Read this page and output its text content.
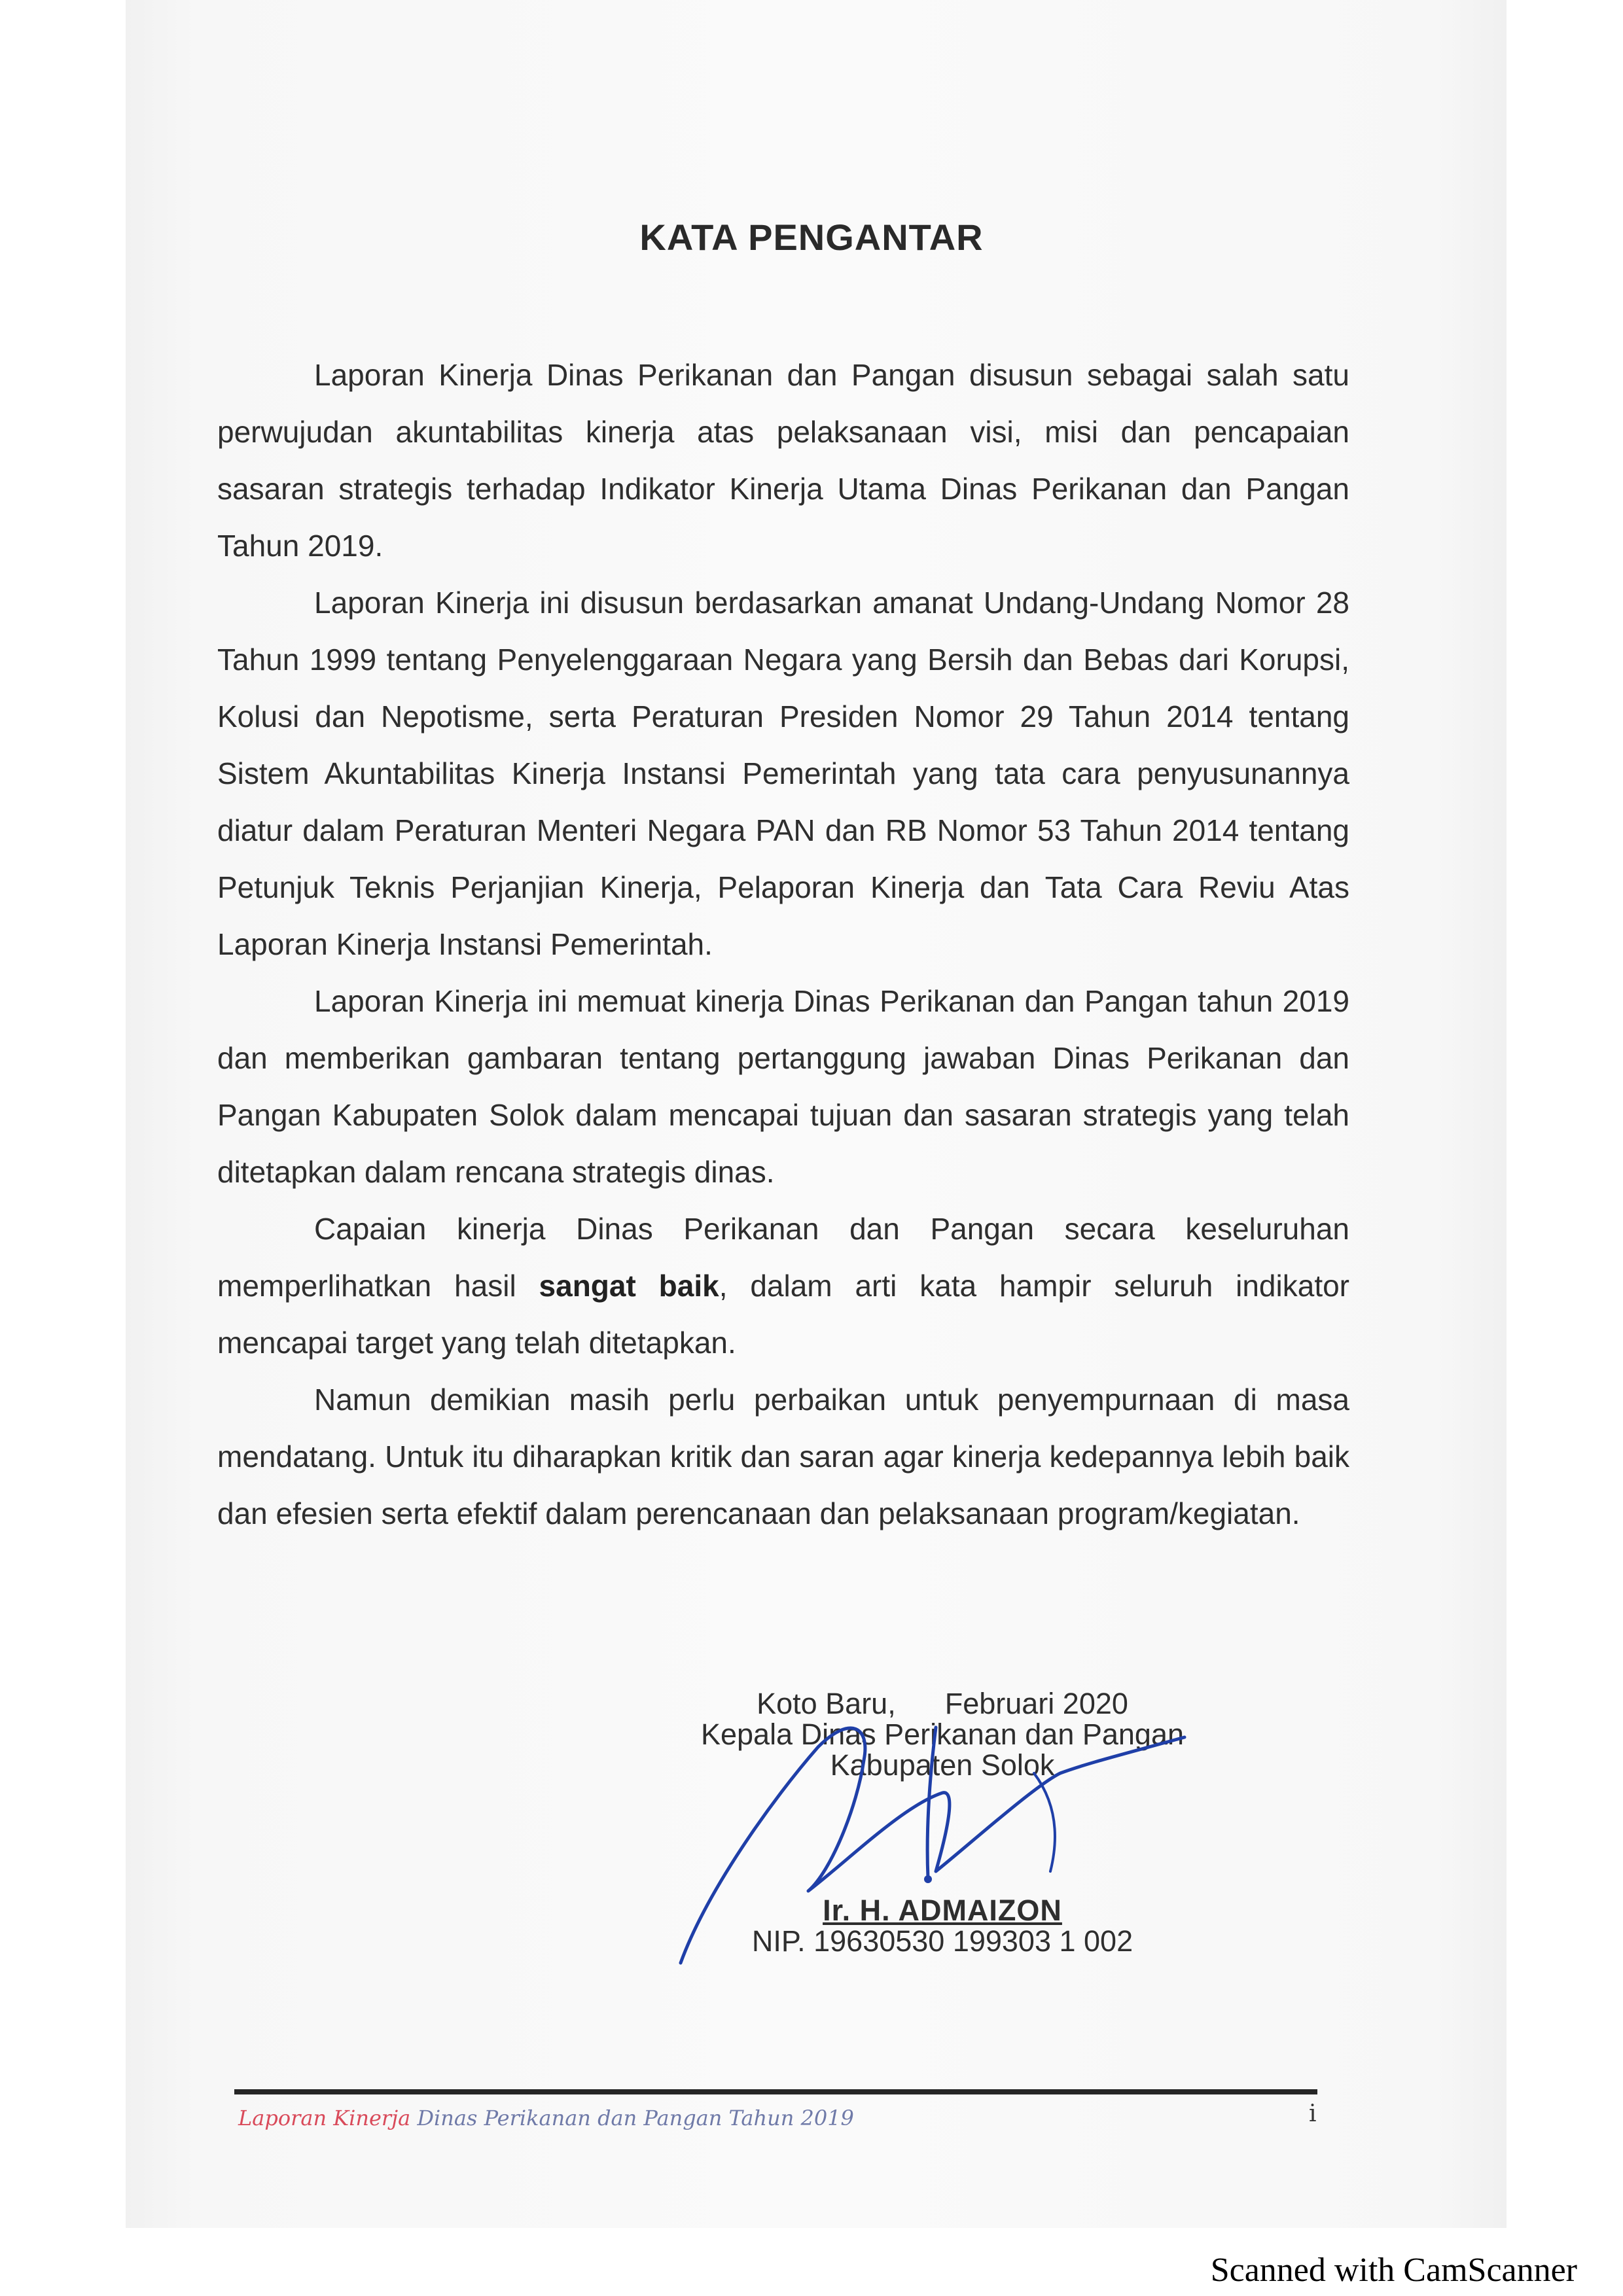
KATA PENGANTAR

Laporan Kinerja Dinas Perikanan dan Pangan disusun sebagai salah satu perwujudan akuntabilitas kinerja atas pelaksanaan visi, misi dan pencapaian sasaran strategis terhadap Indikator Kinerja Utama Dinas Perikanan dan Pangan Tahun 2019.

Laporan Kinerja ini disusun berdasarkan amanat Undang-Undang Nomor 28 Tahun 1999 tentang Penyelenggaraan Negara yang Bersih dan Bebas dari Korupsi, Kolusi dan Nepotisme, serta Peraturan Presiden Nomor 29 Tahun 2014 tentang Sistem Akuntabilitas Kinerja Instansi Pemerintah yang tata cara penyusunannya diatur dalam Peraturan Menteri Negara PAN dan RB Nomor 53 Tahun 2014 tentang Petunjuk Teknis Perjanjian Kinerja, Pelaporan Kinerja dan Tata Cara Reviu Atas Laporan Kinerja Instansi Pemerintah.

Laporan Kinerja ini memuat kinerja Dinas Perikanan dan Pangan tahun 2019 dan memberikan gambaran tentang pertanggung jawaban Dinas Perikanan dan Pangan Kabupaten Solok dalam mencapai tujuan dan sasaran strategis yang telah ditetapkan dalam rencana strategis dinas.

Capaian kinerja Dinas Perikanan dan Pangan secara keseluruhan memperlihatkan hasil sangat baik, dalam arti kata hampir seluruh indikator mencapai target yang telah ditetapkan.

Namun demikian masih perlu perbaikan untuk penyempurnaan di masa mendatang. Untuk itu diharapkan kritik dan saran agar kinerja kedepannya lebih baik dan efesien serta efektif dalam perencanaan dan pelaksanaan program/kegiatan.

Koto Baru,      Februari 2020
Kepala Dinas Perikanan dan Pangan
Kabupaten Solok
Ir. H. ADMAIZON
NIP. 19630530 199303 1 002
Laporan Kinerja Dinas Perikanan dan Pangan Tahun 2019	i
Scanned with CamScanner
